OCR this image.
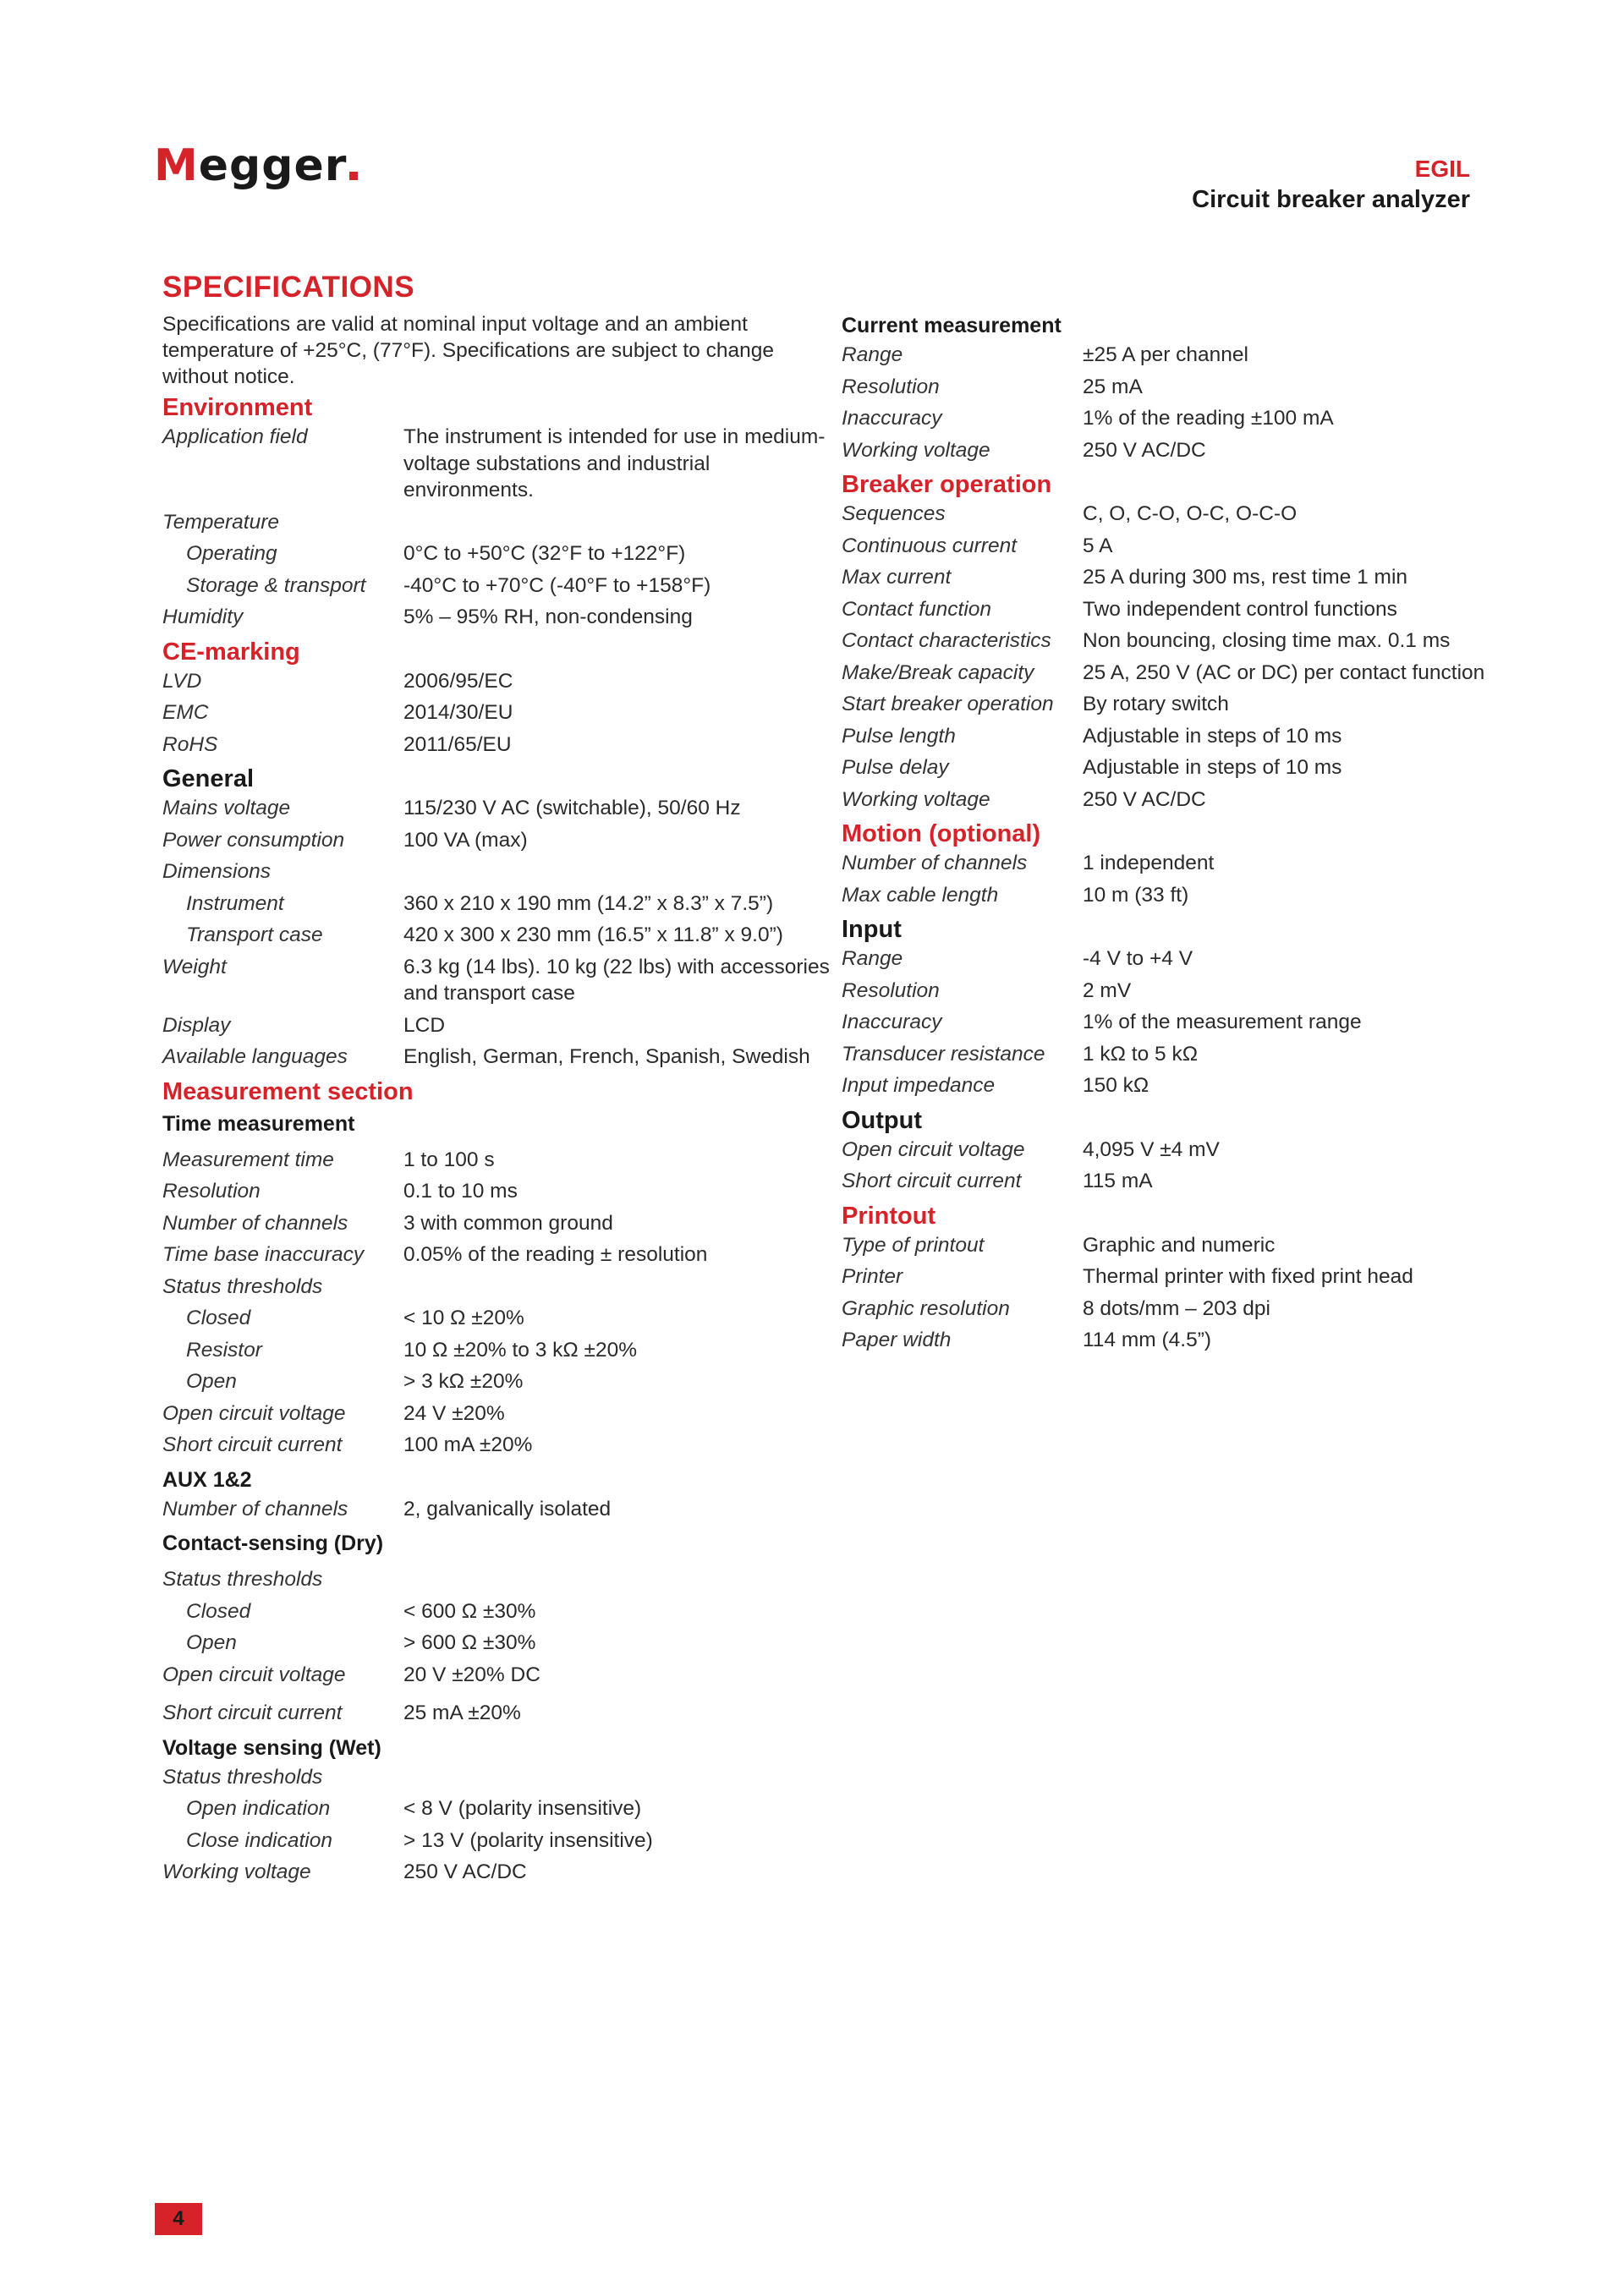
Megger	EGIL
Circuit breaker analyzer
SPECIFICATIONS
Specifications are valid at nominal input voltage and an ambient temperature of +25°C, (77°F). Specifications are subject to change without notice.
Environment
Application field	The instrument is intended for use in medium-voltage substations and industrial environments.
Temperature
Operating	0°C to +50°C (32°F to +122°F)
Storage & transport	-40°C to +70°C (-40°F to +158°F)
Humidity	5% – 95% RH, non-condensing
CE-marking
LVD	2006/95/EC
EMC	2014/30/EU
RoHS	2011/65/EU
General
Mains voltage	115/230 V AC (switchable), 50/60 Hz
Power consumption	100 VA (max)
Dimensions
Instrument	360 x 210 x 190 mm (14.2” x 8.3” x 7.5”)
Transport case	420 x 300 x 230 mm (16.5” x 11.8” x 9.0”)
Weight	6.3 kg (14 lbs). 10 kg (22 lbs) with accessories and transport case
Display	LCD
Available languages	English, German, French, Spanish, Swedish
Measurement section
Time measurement
Measurement time	1 to 100 s
Resolution	0.1 to 10 ms
Number of channels	3 with common ground
Time base inaccuracy	0.05% of the reading ± resolution
Status thresholds
Closed	< 10 Ω ±20%
Resistor	10 Ω ±20% to 3 kΩ ±20%
Open	> 3 kΩ ±20%
Open circuit voltage	24 V ±20%
Short circuit current	100 mA ±20%
AUX 1&2
Number of channels	2, galvanically isolated
Contact-sensing (Dry)
Status thresholds
Closed	< 600 Ω ±30%
Open	> 600 Ω ±30%
Open circuit voltage	20 V ±20% DC
Short circuit current	25 mA ±20%
Voltage sensing (Wet)
Status thresholds
Open indication	< 8 V (polarity insensitive)
Close indication	> 13 V (polarity insensitive)
Working voltage	250 V AC/DC
Current measurement
Range	±25 A per channel
Resolution	25 mA
Inaccuracy	1% of the reading ±100 mA
Working voltage	250 V AC/DC
Breaker operation
Sequences	C, O, C-O, O-C, O-C-O
Continuous current	5 A
Max current	25 A during 300 ms, rest time 1 min
Contact function	Two independent control functions
Contact characteristics	Non bouncing, closing time max. 0.1 ms
Make/Break capacity	25 A, 250 V (AC or DC) per contact function
Start breaker operation	By rotary switch
Pulse length	Adjustable in steps of 10 ms
Pulse delay	Adjustable in steps of 10 ms
Working voltage	250 V AC/DC
Motion (optional)
Number of channels	1 independent
Max cable length	10 m (33 ft)
Input
Range	-4 V to +4 V
Resolution	2 mV
Inaccuracy	1% of the measurement range
Transducer resistance	1 kΩ to 5 kΩ
Input impedance	150 kΩ
Output
Open circuit voltage	4,095 V ±4 mV
Short circuit current	115 mA
Printout
Type of printout	Graphic and numeric
Printer	Thermal printer with fixed print head
Graphic resolution	8 dots/mm – 203 dpi
Paper width	114 mm (4.5”)
4
